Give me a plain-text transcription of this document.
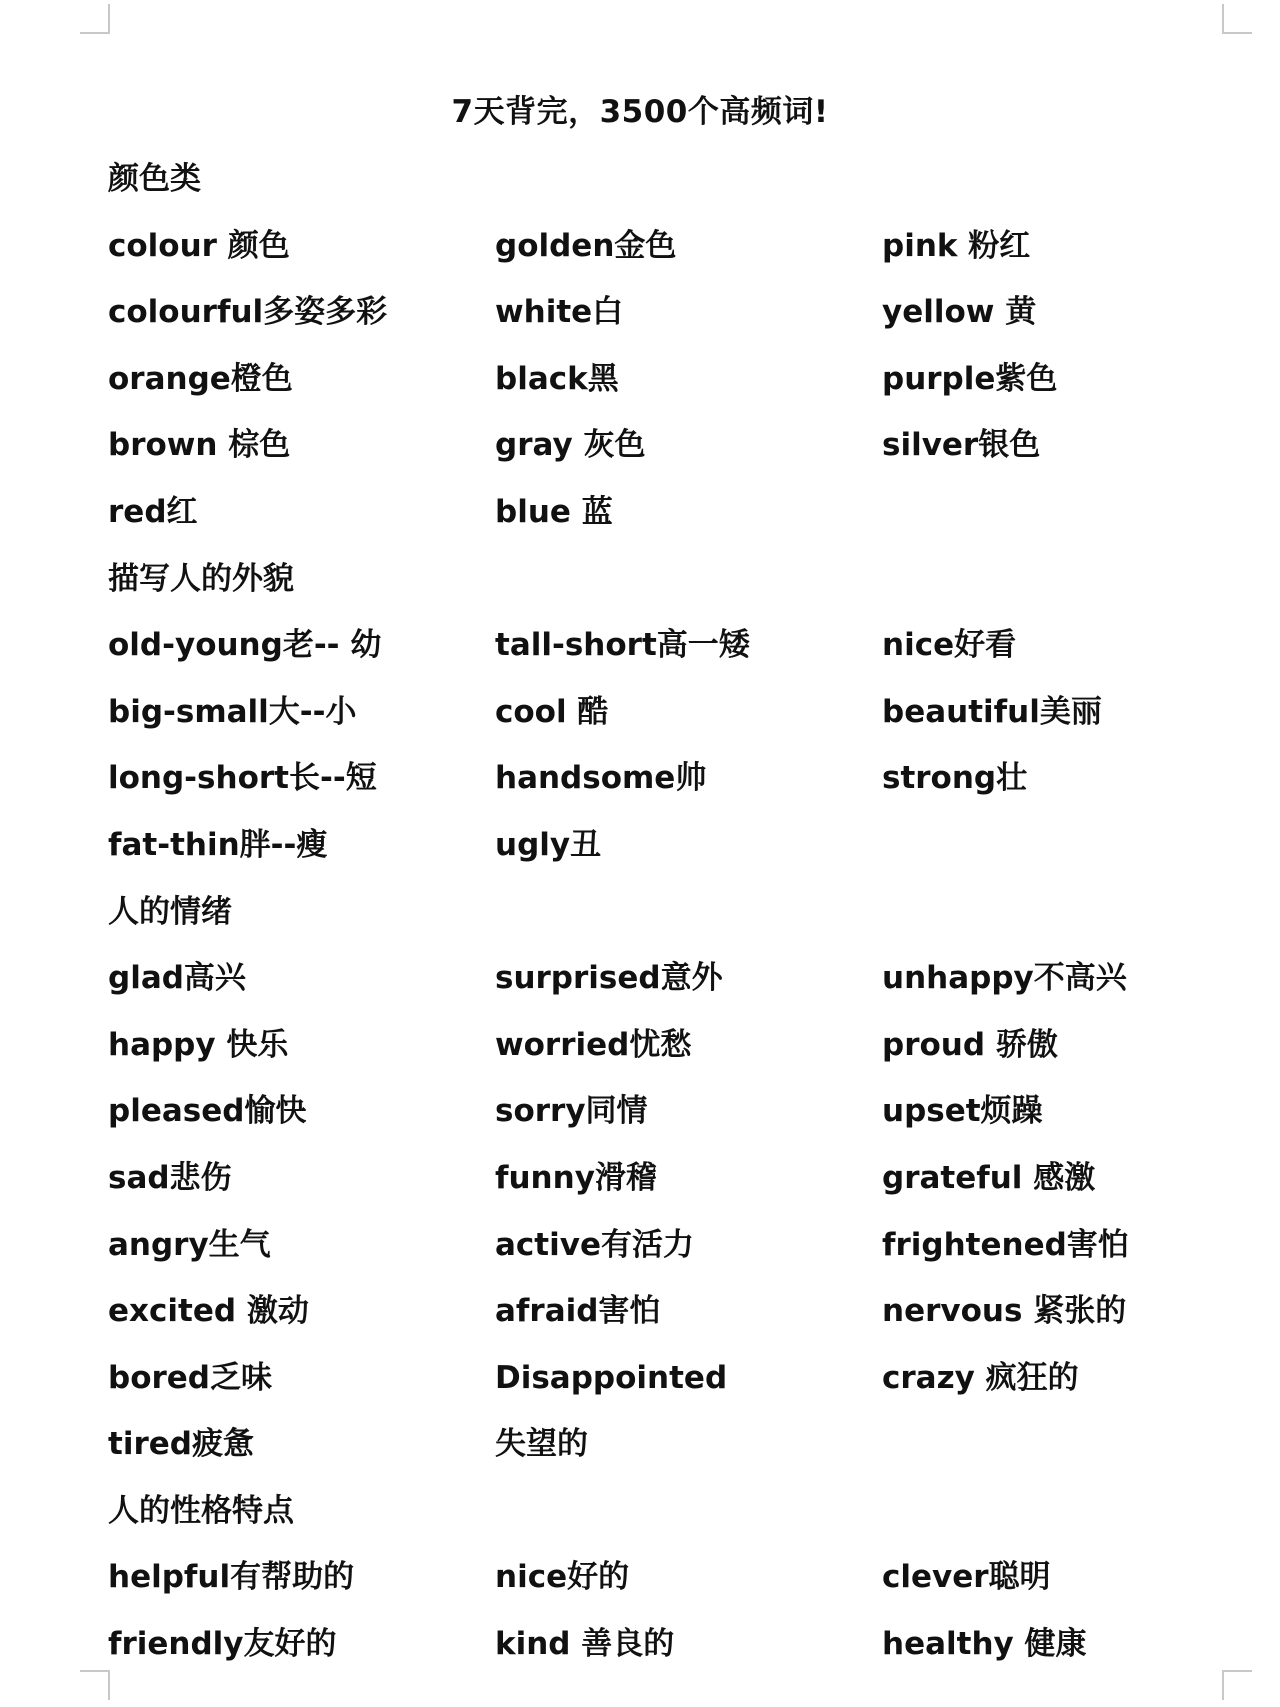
7天背完，3500个高频词!
颜色类
colour 颜色	golden金色	pink 粉红
colourful多姿多彩	white白	yellow 黄
orange橙色	black黑	purple紫色
brown 棕色	gray 灰色	silver银色
red红	blue 蓝
描写人的外貌
old-young老-- 幼	tall-short高一矮	nice好看
big-small大--小	cool 酷	beautiful美丽
long-short长--短	handsome帅	strong壮
fat-thin胖--瘦	ugly丑
人的情绪
glad高兴	surprised意外	unhappy不高兴
happy 快乐	worried忧愁	proud 骄傲
pleased愉快	sorry同情	upset烦躁
sad悲伤	funny滑稽	grateful 感激
angry生气	active有活力	frightened害怕
excited 激动	afraid害怕	nervous 紧张的
bored乏味	Disappointed	crazy 疯狂的
tired疲惫	失望的
人的性格特点
helpful有帮助的	nice好的	clever聪明
friendly友好的	kind 善良的	healthy 健康
